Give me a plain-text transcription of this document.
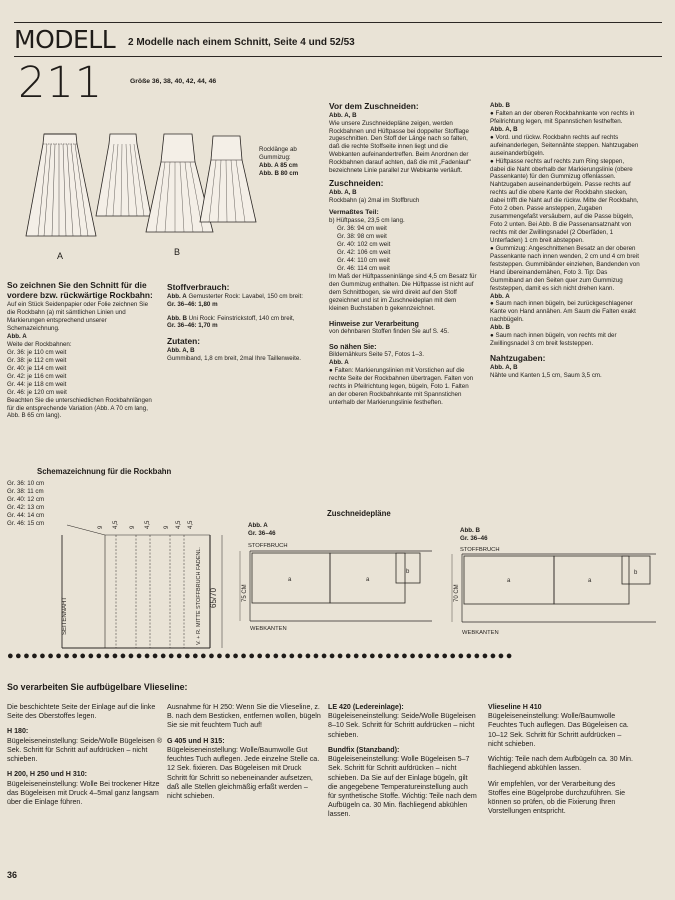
MODELL
211
2 Modelle nach einem Schnitt, Seite 4 und 52/53
Größe 36, 38, 40, 42, 44, 46
A	B
Rocklänge ab Gummizug:
Abb. A 85 cm
Abb. B 80 cm
So zeichnen Sie den Schnitt für die vordere bzw. rückwärtige Rockbahn:
Auf ein Stück Seidenpapier oder Folie zeichnen Sie die Rockbahn (a) mit sämtlichen Linien und Markierungen entsprechend unserer Schemazeichnung.
Abb. A
Weite der Rockbahnen:
Gr. 36: je 110 cm weit
Gr. 38: je 112 cm weit
Gr. 40: je 114 cm weit
Gr. 42: je 116 cm weit
Gr. 44: je 118 cm weit
Gr. 46: je 120 cm weit
Beachten Sie die unterschiedlichen Rockbahnlängen für die entsprechende Variation (Abb. A 70 cm lang, Abb. B 65 cm lang).
Stoffverbrauch:
Abb. A Gemusterter Rock: Lavabel, 150 cm breit:
Gr. 36–46: 1,80 m
Abb. B Uni Rock: Feinstrickstoff, 140 cm breit,
Gr. 36–46: 1,70 m
Zutaten:
Abb. A, B
Gummiband, 1,8 cm breit, 2mal Ihre Taillenweite.
Vor dem Zuschneiden:
Abb. A, B
Wie unsere Zuschneidepläne zeigen, werden Rockbahnen und Hüftpasse bei doppelter Stofflage zugeschnitten. Den Stoff der Länge nach so falten, daß die rechte Stoffseite innen liegt und die Webkanten aufeinandertreffen. Beim Anordnen der Rockbahnen darauf achten, daß die mit „Fadenlauf" bezeichnete Linie parallel zur Webkante verläuft.
Zuschneiden:
Abb. A, B
Rockbahn (a) 2mal im Stoffbruch
Vermaßtes Teil:
b) Hüftpasse, 23,5 cm lang.
Gr. 36: 94 cm weit
Gr. 38: 98 cm weit
Gr. 40: 102 cm weit
Gr. 42: 106 cm weit
Gr. 44: 110 cm weit
Gr. 46: 114 cm weit
Im Maß der Hüftpasseninlänge sind 4,5 cm Besatz für den Gummizug enthalten. Die Hüftpasse ist nicht auf dem Schnittbogen, sie wird direkt auf den Stoff gezeichnet und ist im Zuschneideplan mit dem kleinen Buchstaben b gekennzeichnet.
Hinweise zur Verarbeitung
von dehnbaren Stoffen finden Sie auf S. 45.
So nähen Sie:
Bildernähkurs Seite 57, Fotos 1–3.
Abb. A
● Falten: Markierungslinien mit Vorstichen auf die rechte Seite der Rockbahnen übertragen. Falten von rechts in Pfeilrichtung legen, bügeln, Foto 1. Falten an der oberen Rockbahnkante mit Spannstichen unterhalb der Markierungslinie festheften.
Abb. B
● Falten an der oberen Rockbahnkante von rechts in Pfeilrichtung legen, mit Spannstichen festheften.
Abb. A, B
● Vord. und rückw. Rockbahn rechts auf rechts aufeinanderlegen, Seitennähte steppen. Nahtzugaben auseinanderbügeln.
● Hüftpasse rechts auf rechts zum Ring steppen, dabei die Naht oberhalb der Markierungslinie (obere Passenkante) für den Gummizug offenlassen. Nahtzugaben auseinanderbügeln. Passe rechts auf rechts auf die obere Kante der Rockbahn stecken, dabei trifft die Naht auf die rückw. Mitte der Rockbahn, Foto 2 oben. Passe ansteppen, Zugaben zusammengefaßt versäubern, auf die Passe bügeln, Foto 2 unten. Bei Abb. B die Passenansatznaht von rechts mit der Zwillingsnadel (2 Oberfäden, 1 Unterfaden) 1 cm breit absteppen.
● Gummizug: Angeschnittenen Besatz an der oberen Passenkante nach innen wenden, 2 cm und 4 cm breit feststeppen. Gummibänder einziehen, Bandenden von Hand übereinandernähen, Foto 3. Tip: Das Gummiband an den Seiten quer zum Gummizug feststeppen, damit es sich nicht drehen kann.
Abb. A
● Saum nach innen bügeln, bei zurückgeschlagener Kante von Hand annähen. Am Saum die Falten exakt nachbügeln.
Abb. B
● Saum nach innen bügeln, von rechts mit der Zwillingsnadel 3 cm breit feststeppen.
Nahtzugaben:
Abb. A, B
Nähte und Kanten 1,5 cm, Saum 3,5 cm.
Schemazeichnung für die Rockbahn
Gr. 36: 10 cm
Gr. 38: 11 cm
Gr. 40: 12 cm
Gr. 42: 13 cm
Gr. 44: 14 cm
Gr. 46: 15 cm
65/70
SEITENNAHT	V. + R. MITTE STOFFBRUCH FADENL.
9 4,5 9 4,5 9 4,5 4,5
Zuschneidepläne
Abb. A
Gr. 36–46
STOFFBRUCH
75 CM
a	a
b
WEBKANTEN
Abb. B
Gr. 36–46
STOFFBRUCH
70 CM
a	a
b
WEBKANTEN
●●●●●●●●●●●●●●●●●●●●●●●●●●●●●●●●●●●●●●●●●●●●●●●●●●●●●●●●●●●●●●●
So verarbeiten Sie aufbügelbare Vlieseline:
Die beschichtete Seite der Einlage auf die linke Seite des Oberstoffes legen.
H 180:
Bügeleiseneinstellung: Seide/Wolle Bügeleisen ® Sek. Schritt für Schritt auf aufdrücken – nicht schieben.
H 200, H 250 und H 310:
Bügeleiseneinstellung: Wolle Bei trockener Hitze das Bügeleisen mit Druck 4–5mal ganz langsam über die Einlage führen.
Ausnahme für H 250: Wenn Sie die Vlieseline, z. B. nach dem Besticken, entfernen wollen, bügeln Sie sie mit feuchtem Tuch auf!
G 405 und H 315:
Bügeleiseneinstellung: Wolle/Baumwolle Gut feuchtes Tuch auflegen. Jede einzelne Stelle ca. 12 Sek. fixieren. Das Bügeleisen mit Druck Schritt für Schritt so nebeneinander aufsetzen, daß alle Stellen gleichmäßig erfaßt werden – nicht schieben.
LE 420 (Ledereinlage):
Bügeleiseneinstellung: Seide/Wolle Bügeleisen 8–10 Sek. Schritt für Schritt aufdrücken – nicht schieben.
Bundfix (Stanzband):
Bügeleiseneinstellung: Wolle Bügeleisen 5–7 Sek. Schritt für Schritt aufdrücken – nicht schieben. Da Sie auf der Einlage bügeln, gilt die angegebene Temperatureinstellung auch für synthetische Stoffe. Wichtig: Teile nach dem Aufbügeln ca. 30 Min. flachliegend abkühlen lassen.
Vlieseline H 410
Bügeleiseneinstellung: Wolle/Baumwolle Feuchtes Tuch auflegen. Das Bügeleisen ca. 10–12 Sek. Schritt für Schritt aufdrücken – nicht schieben.
Wichtig: Teile nach dem Aufbügeln ca. 30 Min. flachliegend abkühlen lassen.
Wir empfehlen, vor der Verarbeitung des Stoffes eine Bügelprobe durchzuführen. Sie können so prüfen, ob die Fixierung Ihren Vorstellungen entspricht.
36
